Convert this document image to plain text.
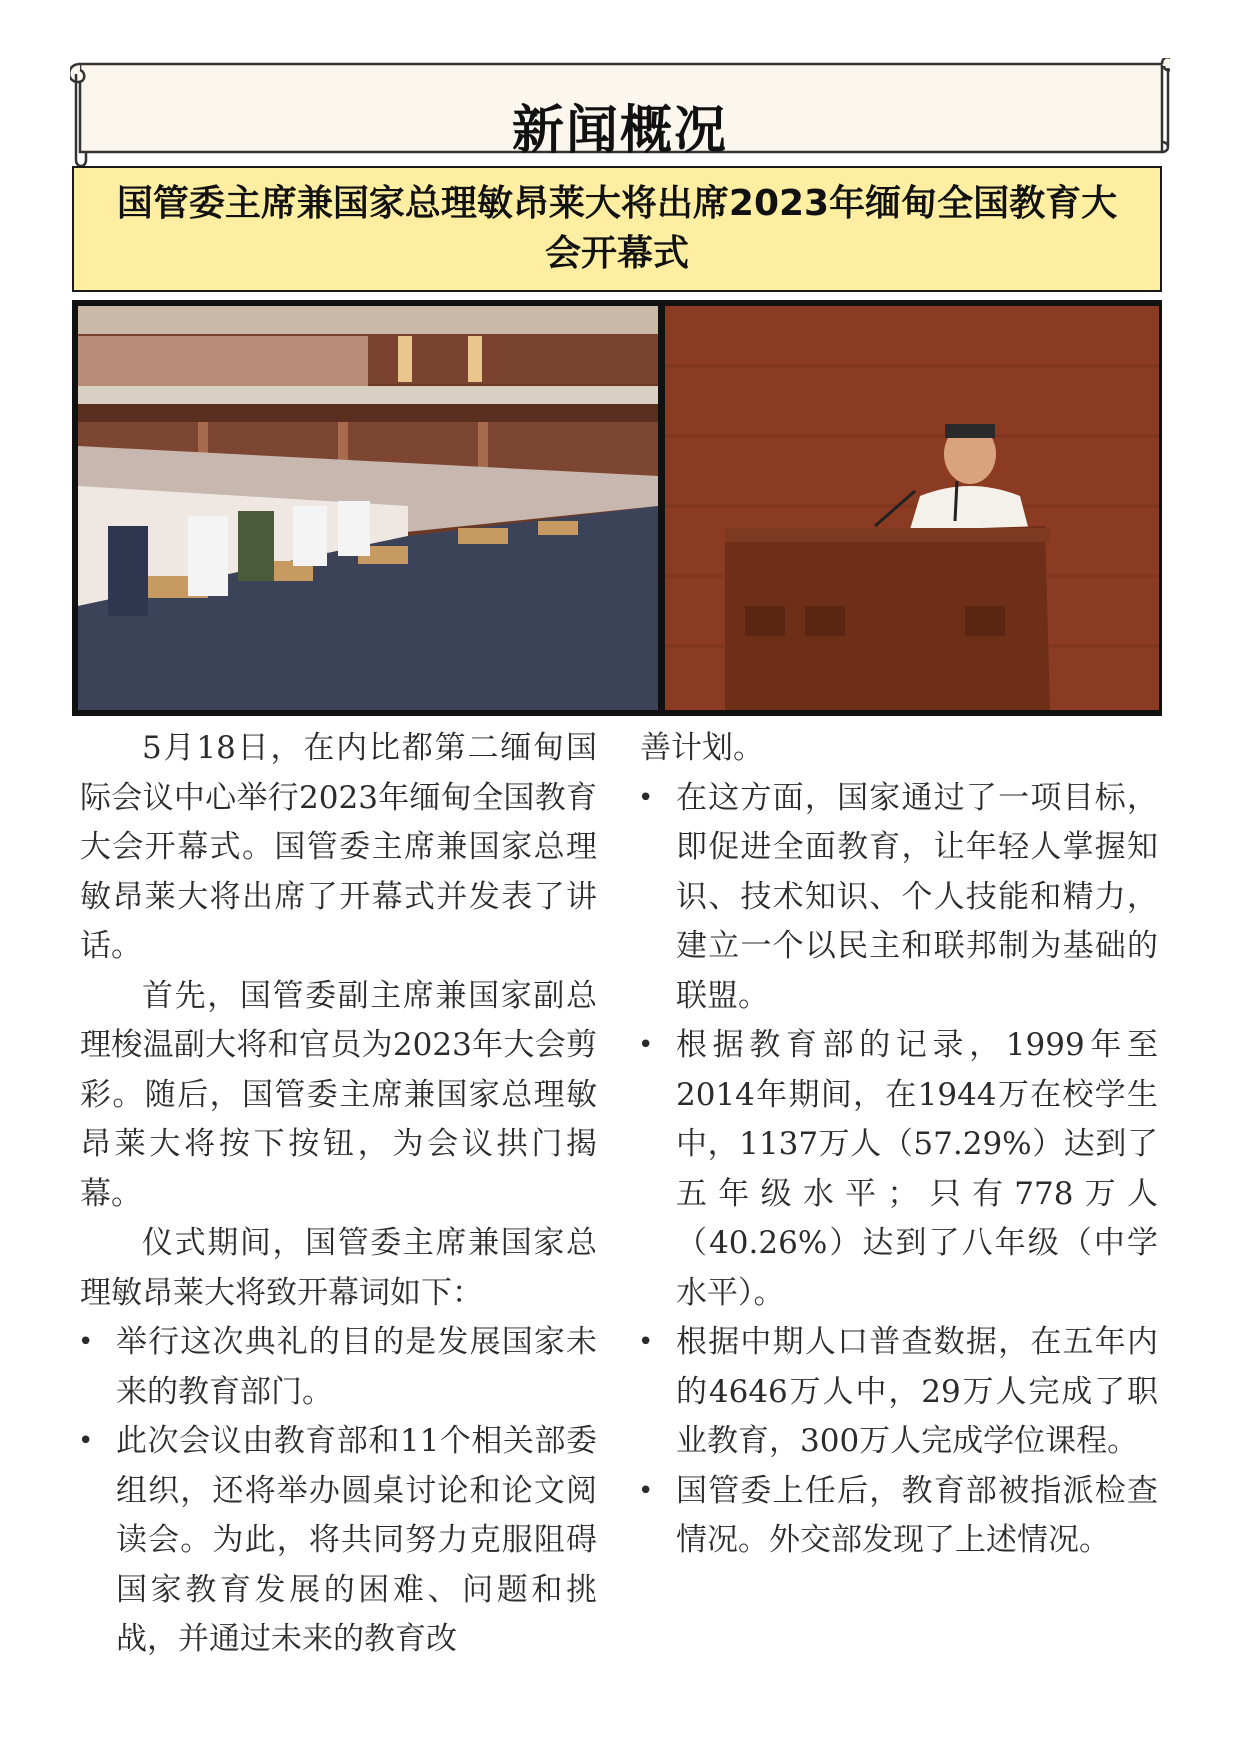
新闻概况
国管委主席兼国家总理敏昂莱大将出席2023年缅甸全国教育大会开幕式

5月18日，在内比都第二缅甸国际会议中心举行2023年缅甸全国教育大会开幕式。国管委主席兼国家总理敏昂莱大将出席了开幕式并发表了讲话。

首先，国管委副主席兼国家副总理梭温副大将和官员为2023年大会剪彩。随后，国管委主席兼国家总理敏昂莱大将按下按钮，为会议拱门揭幕。

仪式期间，国管委主席兼国家总理敏昂莱大将致开幕词如下：

• 举行这次典礼的目的是发展国家未来的教育部门。

• 此次会议由教育部和11个相关部委组织，还将举办圆桌讨论和论文阅读会。为此，将共同努力克服阻碍国家教育发展的困难、问题和挑战，并通过未来的教育改

善计划。

• 在这方面，国家通过了一项目标，即促进全面教育，让年轻人掌握知识、技术知识、个人技能和精力，建立一个以民主和联邦制为基础的联盟。

• 根据教育部的记录，1999年至2014年期间，在1944万在校学生中，1137万人（57.29%）达到了五年级水平；只有778万人（40.26%）达到了八年级（中学水平）。

• 根据中期人口普查数据，在五年内的4646万人中，29万人完成了职业教育，300万人完成学位课程。

• 国管委上任后，教育部被指派检查情况。外交部发现了上述情况。
